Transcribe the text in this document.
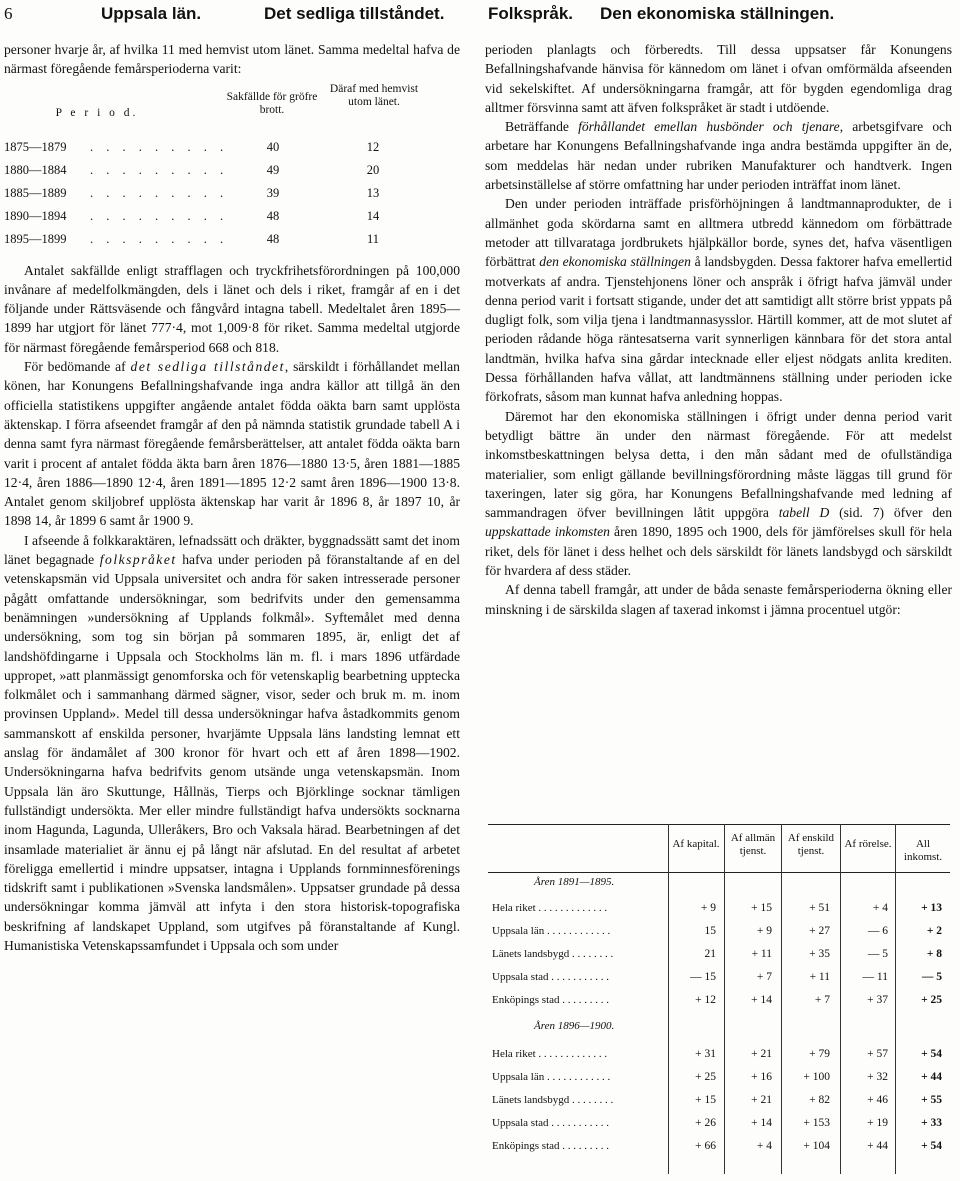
6	Uppsala län.	Det sedliga tillståndet.	Folkspråk. Den ekonomiska ställningen.

personer hvarje år, af hvilka 11 med hemvist utom länet. Samma medeltal hafva de närmast föregående femårsperioderna varit:

P e r i o d.
Sakfällde för gröfre brott.
Däraf med hemvist utom länet.
1875—1879 . . . . . . . . .	40	12
1880—1884 . . . . . . . . .	49	20
1885—1889 . . . . . . . . .	39	13
1890—1894 . . . . . . . . .	48	14
1895—1899 . . . . . . . . .	48	11

Antalet sakfällde enligt strafflagen och tryckfrihetsförordningen på 100,000 invånare af medelfolkmängden, dels i länet och dels i riket, framgår af en i det följande under Rättsväsende och fångvård intagna tabell. Medeltalet åren 1895—1899 har utgjort för länet 777·4, mot 1,009·8 för riket. Samma medeltal utgjorde för närmast föregående femårsperiod 668 och 818.

För bedömande af det sedliga tillståndet, särskildt i förhållandet mellan könen, har Konungens Befallningshafvande inga andra källor att tillgå än den officiella statistikens uppgifter angående antalet födda oäkta barn samt upplösta äktenskap. I förra afseendet framgår af den på nämnda statistik grundade tabell A i denna samt fyra närmast föregående femårsberättelser, att antalet födda oäkta barn varit i procent af antalet födda äkta barn åren 1876—1880 13·5, åren 1881—1885 12·4, åren 1886—1890 12·4, åren 1891—1895 12·2 samt åren 1896—1900 13·8. Antalet genom skiljobref upplösta äktenskap har varit år 1896 8, år 1897 10, år 1898 14, år 1899 6 samt år 1900 9.

I afseende å folkkaraktären, lefnadssätt och dräkter, byggnadssätt samt det inom länet begagnade folkspråket hafva under perioden på föranstaltande af en del vetenskapsmän vid Uppsala universitet och andra för saken intresserade personer pågått omfattande undersökningar, som bedrifvits under den gemensamma benämningen »undersökning af Upplands folkmål». Syftemålet med denna undersökning, som tog sin början på sommaren 1895, är, enligt det af landshöfdingarne i Uppsala och Stockholms län m. fl. i mars 1896 utfärdade uppropet, »att planmässigt genomforska och för vetenskaplig bearbetning upptecka folkmålet och i sammanhang därmed sägner, visor, seder och bruk m. m. inom provinsen Uppland». Medel till dessa undersökningar hafva åstadkommits genom sammanskott af enskilda personer, hvarjämte Uppsala läns landsting lemnat ett anslag för ändamålet af 300 kronor för hvart och ett af åren 1898—1902. Undersökningarna hafva bedrifvits genom utsände unga vetenskapsmän. Inom Uppsala län äro Skuttunge, Hållnäs, Tierps och Björklinge socknar tämligen fullständigt undersökta. Mer eller mindre fullständigt hafva undersökts socknarna inom Hagunda, Lagunda, Ulleråkers, Bro och Vaksala härad. Bearbetningen af det insamlade materialiet är ännu ej på långt när afslutad. En del resultat af arbetet föreligga emellertid i mindre uppsatser, intagna i Upplands fornminnesförenings tidskrift samt i publikationen »Svenska landsmålen». Uppsatser grundade på dessa undersökningar komma jämväl att infyta i den stora historisk-topografiska beskrifning af landskapet Uppland, som utgifves på föranstaltande af Kungl. Humanistiska Vetenskapssamfundet i Uppsala och som under

perioden planlagts och förberedts. Till dessa uppsatser får Konungens Befallningshafvande hänvisa för kännedom om länet i ofvan omförmälda afseenden vid sekelskiftet. Af undersökningarna framgår, att för bygden egendomliga drag alltmer försvinna samt att äfven folkspråket är stadt i utdöende.

Beträffande förhållandet emellan husbönder och tjenare, arbetsgifvare och arbetare har Konungens Befallningshafvande inga andra bestämda uppgifter än de, som meddelas här nedan under rubriken Manufakturer och handtverk. Ingen arbetsinställelse af större omfattning har under perioden inträffat inom länet.

Den under perioden inträffade prisförhöjningen å landtmannaprodukter, de i allmänhet goda skördarna samt en alltmera utbredd kännedom om förbättrade metoder att tillvarataga jordbrukets hjälpkällor borde, synes det, hafva väsentligen förbättrat den ekonomiska ställningen å landsbygden. Dessa faktorer hafva emellertid motverkats af andra. Tjenstehjonens löner och anspråk i öfrigt hafva jämväl under denna period varit i fortsatt stigande, under det att samtidigt allt större brist yppats på dugligt folk, som vilja tjena i landtmannasysslor. Härtill kommer, att de mot slutet af perioden rådande höga räntesatserna varit synnerligen kännbara för det stora antal landtmän, hvilka hafva sina gårdar intecknade eller eljest nödgats anlita krediten. Dessa förhållanden hafva vållat, att landtmännens ställning under perioden icke förkofrats, såsom man kunnat hafva anledning hoppas.

Däremot har den ekonomiska ställningen i öfrigt under denna period varit betydligt bättre än under den närmast föregående. För att medelst inkomstbeskattningen belysa detta, i den mån sådant med de ofullständiga materialier, som enligt gällande bevillningsförordning måste läggas till grund för taxeringen, later sig göra, har Konungens Befallningshafvande med ledning af sammandragen öfver bevillningen låtit uppgöra tabell D (sid. 7) öfver den uppskattade inkomsten åren 1890, 1895 och 1900, dels för jämförelses skull för hela riket, dels för länet i dess helhet och dels särskildt för länets landsbygd och särskildt för hvardera af dess städer.

Af denna tabell framgår, att under de båda senaste femårsperioderna ökning eller minskning i de särskilda slagen af taxerad inkomst i jämna procentuel utgör:

Af kapital.	Af allmän tjenst.
Af enskild tjenst.
Af rörelse.	All inkomst.
Åren 1891—1895.
Hela riket . . . . . . . . . . . . .	+ 9	+ 15	+ 51	+ 4	+ 13
Uppsala län . . . . . . . . . . . .	15	+ 9	+ 27	— 6	+ 2
Länets landsbygd . . . . . . . .	21	+ 11	+ 35	— 5	+ 8
Uppsala stad . . . . . . . . . . .	— 15	+ 7	+ 11	— 11	— 5
Enköpings stad . . . . . . . . .	+ 12	+ 14	+ 7	+ 37	+ 25
Åren 1896—1900.
Hela riket . . . . . . . . . . . . .	+ 31	+ 21	+ 79	+ 57	+ 54
Uppsala län . . . . . . . . . . . .	+ 25	+ 16	+ 100	+ 32	+ 44
Länets landsbygd . . . . . . . .	+ 15	+ 21	+ 82	+ 46	+ 55
Uppsala stad . . . . . . . . . . .	+ 26	+ 14	+ 153	+ 19	+ 33
Enköpings stad . . . . . . . . .	+ 66	+ 4	+ 104	+ 44	+ 54
